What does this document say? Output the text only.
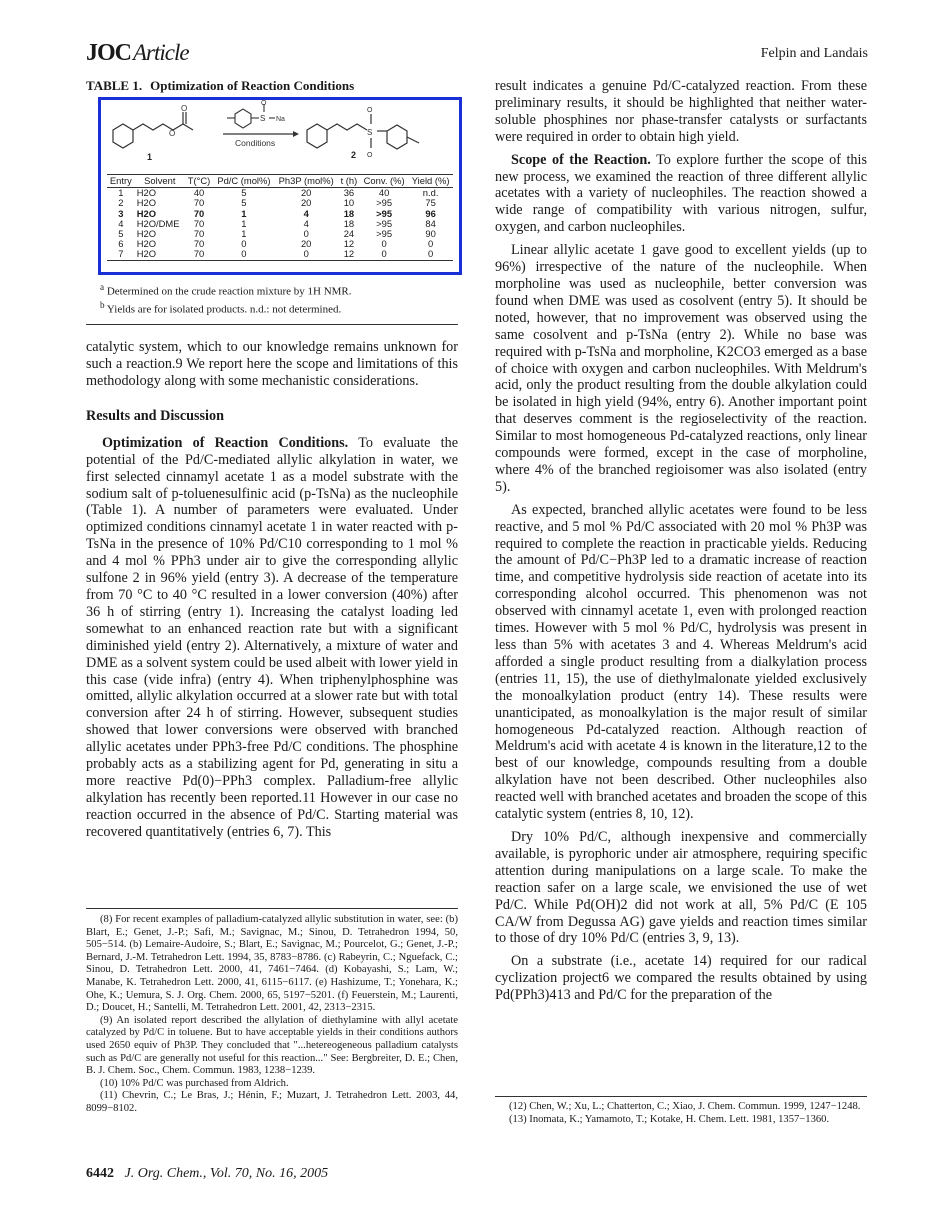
JOCArticle	Felpin and Landais
TABLE 1. Optimization of Reaction Conditions
O
O
1
S
O
Na
Conditions
S
O
O
2
Entry	Solvent	T(°C)	Pd/C (mol%)	Ph3P (mol%)	t (h)	Conv. (%)	Yield (%)
1	H2O	40	5	20	36	40	n.d.
2	H2O	70	5	20	10	>95	75
3	H2O	70	1	4	18	>95	96
4	H2O/DME	70	1	4	18	>95	84
5	H2O	70	1	0	24	>95	90
6	H2O	70	0	20	12	0	0
7	H2O	70	0	0	12	0	0
$^a$ Determined on the crude reaction mixture by 1H NMR.
$^b$ Yields are for isolated products. n.d.: not determined.

catalytic system, which to our knowledge remains unknown for such a reaction.9 We report here the scope and limitations of this methodology along with some mechanistic considerations.

Results and Discussion

Optimization of Reaction Conditions. To evaluate the potential of the Pd/C-mediated allylic alkylation in water, we first selected cinnamyl acetate 1 as a model substrate with the sodium salt of p-toluenesulfinic acid (p-TsNa) as the nucleophile (Table 1). A number of parameters were evaluated. Under optimized conditions cinnamyl acetate 1 in water reacted with p-TsNa in the presence of 10% Pd/C10 corresponding to 1 mol % and 4 mol % PPh3 under air to give the corresponding allylic sulfone 2 in 96% yield (entry 3). A decrease of the temperature from 70 °C to 40 °C resulted in a lower conversion (40%) after 36 h of stirring (entry 1). Increasing the catalyst loading led somewhat to an enhanced reaction rate but with a significant diminished yield (entry 2). Alternatively, a mixture of water and DME as a solvent system could be used albeit with lower yield in this case (vide infra) (entry 4). When triphenylphosphine was omitted, allylic alkylation occurred at a slower rate but with total conversion after 24 h of stirring. However, subsequent studies showed that lower conversions were observed with branched allylic acetates under PPh3-free Pd/C conditions. The phosphine probably acts as a stabilizing agent for Pd, generating in situ a more reactive Pd(0)−PPh3 complex. Palladium-free allylic alkylation has recently been reported.11 However in our case no reaction occurred in the absence of Pd/C. Starting material was recovered quantitatively (entries 6, 7). This

result indicates a genuine Pd/C-catalyzed reaction. From these preliminary results, it should be highlighted that neither water-soluble phosphines nor phase-transfer catalysts or surfactants were required in order to obtain high yield.

Scope of the Reaction. To explore further the scope of this new process, we examined the reaction of three different allylic acetates with a variety of nucleophiles. The reaction showed a wide range of compatibility with various nitrogen, sulfur, oxygen, and carbon nucleophiles.

Linear allylic acetate 1 gave good to excellent yields (up to 96%) irrespective of the nature of the nucleophile. When morpholine was used as nucleophile, better conversion was found when DME was used as cosolvent (entry 5). It should be noted, however, that no improvement was observed using the same cosolvent and p-TsNa (entry 2). While no base was required with p-TsNa and morpholine, K2CO3 emerged as a base of choice with oxygen and carbon nucleophiles. With Meldrum's acid, only the product resulting from the double alkylation could be isolated in high yield (94%, entry 6). Another important point that deserves comment is the regioselectivity of the reaction. Similar to most homogeneous Pd-catalyzed reactions, only linear compounds were formed, except in the case of morpholine, where 4% of the branched regioisomer was also isolated (entry 5).

As expected, branched allylic acetates were found to be less reactive, and 5 mol % Pd/C associated with 20 mol % Ph3P was required to complete the reaction in practicable yields. Reducing the amount of Pd/C−Ph3P led to a dramatic increase of reaction time, and competitive hydrolysis side reaction of acetate into its corresponding alcohol occurred. This phenomenon was not observed with cinnamyl acetate 1, even with prolonged reaction times. However with 5 mol % Pd/C, hydrolysis was present in less than 5% with acetates 3 and 4. Whereas Meldrum's acid afforded a single product resulting from a dialkylation process (entries 11, 15), the use of diethylmalonate yielded exclusively the monoalkylation product (entry 14). These results were unanticipated, as monoalkylation is the major result of similar homogeneous Pd-catalyzed reaction. Although reaction of Meldrum's acid with acetate 4 is known in the literature,12 to the best of our knowledge, compounds resulting from a double alkylation have not been described. Other nucleophiles also reacted well with branched acetates and broaden the scope of this catalytic system (entries 8, 10, 12).

Dry 10% Pd/C, although inexpensive and commercially available, is pyrophoric under air atmosphere, requiring specific attention during manipulations on a large scale. To make the reaction safer on a large scale, we envisioned the use of wet Pd/C. While Pd(OH)2 did not work at all, 5% Pd/C (E 105 CA/W from Degussa AG) gave yields and reaction times similar to those of dry 10% Pd/C (entries 3, 9, 13).

On a substrate (i.e., acetate 14) required for our radical cyclization project6 we compared the results obtained by using Pd(PPh3)413 and Pd/C for the preparation of the

(8) For recent examples of palladium-catalyzed allylic substitution in water, see: (b) Blart, E.; Genet, J.-P.; Safi, M.; Savignac, M.; Sinou, D. Tetrahedron 1994, 50, 505−514. (b) Lemaire-Audoire, S.; Blart, E.; Savignac, M.; Pourcelot, G.; Genet, J.-P.; Bernard, J.-M. Tetrahedron Lett. 1994, 35, 8783−8786. (c) Rabeyrin, C.; Nguefack, C.; Sinou, D. Tetrahedron Lett. 2000, 41, 7461−7464. (d) Kobayashi, S.; Lam, W.; Manabe, K. Tetrahedron Lett. 2000, 41, 6115−6117. (e) Hashizume, T.; Yonehara, K.; Ohe, K.; Uemura, S. J. Org. Chem. 2000, 65, 5197−5201. (f) Feuerstein, M.; Laurenti, D.; Doucet, H.; Santelli, M. Tetrahedron Lett. 2001, 42, 2313−2315.
(9) An isolated report described the allylation of diethylamine with allyl acetate catalyzed by Pd/C in toluene. But to have acceptable yields in their conditions authors used 2650 equiv of Ph3P. They concluded that "...hetereogeneous palladium catalysts such as Pd/C are generally not useful for this reaction..." See: Bergbreiter, D. E.; Chen, B. J. Chem. Soc., Chem. Commun. 1983, 1238−1239.
(10) 10% Pd/C was purchased from Aldrich.
(11) Chevrin, C.; Le Bras, J.; Hénin, F.; Muzart, J. Tetrahedron Lett. 2003, 44, 8099−8102.	(12) Chen, W.; Xu, L.; Chatterton, C.; Xiao, J. Chem. Commun. 1999, 1247−1248.
(13) Inomata, K.; Yamamoto, T.; Kotake, H. Chem. Lett. 1981, 1357−1360.
6442 J. Org. Chem., Vol. 70, No. 16, 2005
